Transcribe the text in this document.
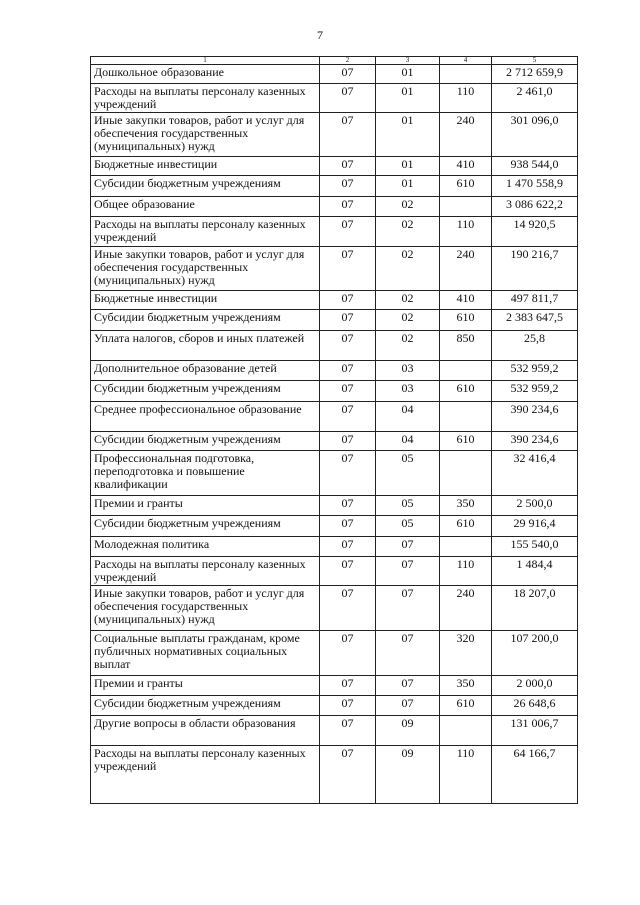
7
1	2	3	4	5
Дошкольное образование	07	01		2 712 659,9
Расходы на выплаты персоналу казенных учреждений	07	01	110	2 461,0
Иные закупки товаров, работ и услуг для обеспечения государственных (муниципальных) нужд	07	01	240	301 096,0
Бюджетные инвестиции	07	01	410	938 544,0
Субсидии бюджетным учреждениям	07	01	610	1 470 558,9
Общее образование	07	02		3 086 622,2
Расходы на выплаты персоналу казенных учреждений	07	02	110	14 920,5
Иные закупки товаров, работ и услуг для обеспечения государственных (муниципальных) нужд	07	02	240	190 216,7
Бюджетные инвестиции	07	02	410	497 811,7
Субсидии бюджетным учреждениям	07	02	610	2 383 647,5
Уплата налогов, сборов и иных платежей	07	02	850	25,8
Дополнительное образование детей	07	03		532 959,2
Субсидии бюджетным учреждениям	07	03	610	532 959,2
Среднее профессиональное образование	07	04		390 234,6
Субсидии бюджетным учреждениям	07	04	610	390 234,6
Профессиональная подготовка, переподготовка и повышение квалификации	07	05		32 416,4
Премии и гранты	07	05	350	2 500,0
Субсидии бюджетным учреждениям	07	05	610	29 916,4
Молодежная политика	07	07		155 540,0
Расходы на выплаты персоналу казенных учреждений	07	07	110	1 484,4
Иные закупки товаров, работ и услуг для обеспечения государственных (муниципальных) нужд	07	07	240	18 207,0
Социальные выплаты гражданам, кроме публичных нормативных социальных выплат	07	07	320	107 200,0
Премии и гранты	07	07	350	2 000,0
Субсидии бюджетным учреждениям	07	07	610	26 648,6
Другие вопросы в области образования	07	09		131 006,7
Расходы на выплаты персоналу казенных учреждений	07	09	110	64 166,7
